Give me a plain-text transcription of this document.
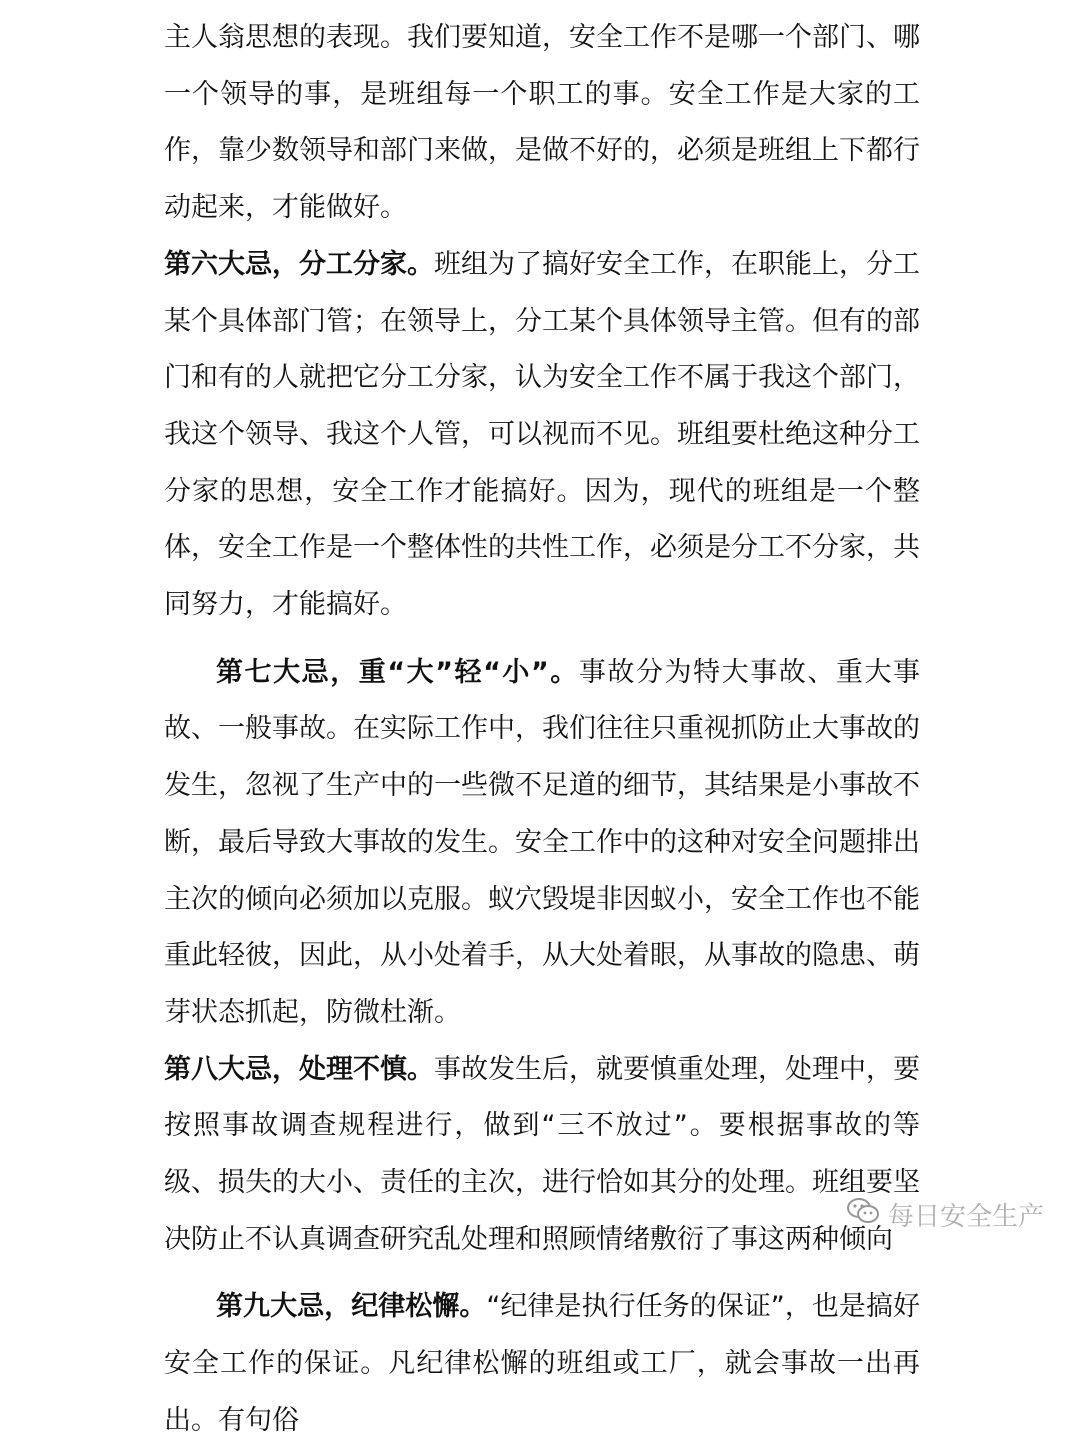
主人翁思想的表现。我们要知道，安全工作不是哪一个部门、哪一个领导的事，是班组每一个职工的事。安全工作是大家的工作，靠少数领导和部门来做，是做不好的，必须是班组上下都行动起来，才能做好。

第六大忌，分工分家。班组为了搞好安全工作，在职能上，分工某个具体部门管；在领导上，分工某个具体领导主管。但有的部门和有的人就把它分工分家，认为安全工作不属于我这个部门，我这个领导、我这个人管，可以视而不见。班组要杜绝这种分工分家的思想，安全工作才能搞好。因为，现代的班组是一个整体，安全工作是一个整体性的共性工作，必须是分工不分家，共同努力，才能搞好。

第七大忌，重“大”轻“小”。事故分为特大事故、重大事故、一般事故。在实际工作中，我们往往只重视抓防止大事故的发生，忽视了生产中的一些微不足道的细节，其结果是小事故不断，最后导致大事故的发生。安全工作中的这种对安全问题排出主次的倾向必须加以克服。蚁穴毁堤非因蚁小，安全工作也不能重此轻彼，因此，从小处着手，从大处着眼，从事故的隐患、萌芽状态抓起，防微杜渐。

第八大忌，处理不慎。事故发生后，就要慎重处理，处理中，要按照事故调查规程进行，做到“三不放过”。要根据事故的等级、损失的大小、责任的主次，进行恰如其分的处理。班组要坚决防止不认真调查研究乱处理和照顾情绪敷衍了事这两种倾向

第九大忌，纪律松懈。“纪律是执行任务的保证”，也是搞好安全工作的保证。凡纪律松懈的班组或工厂，就会事故一出再出。有句俗

每日安全生产
